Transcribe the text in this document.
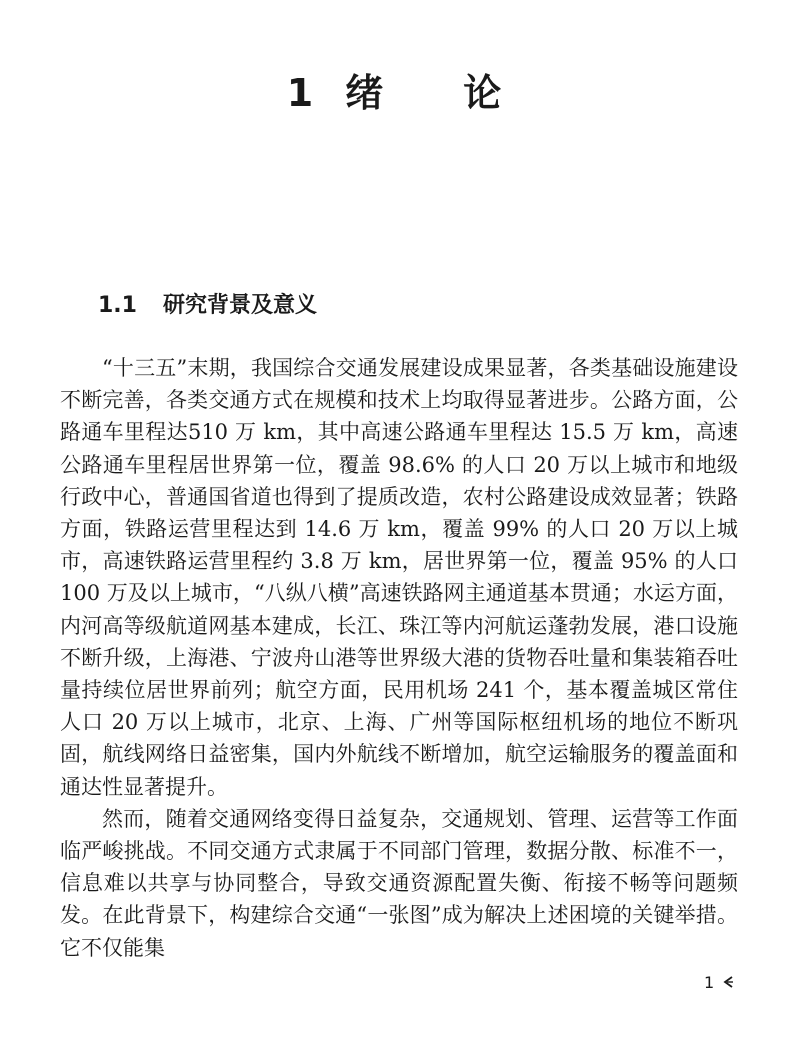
1 绪 论
1.1 研究背景及意义

“十三五”末期，我国综合交通发展建设成果显著，各类基础设施建设不断完善，各类交通方式在规模和技术上均取得显著进步。公路方面，公路通车里程达510 万 km，其中高速公路通车里程达 15.5 万 km，高速公路通车里程居世界第一位，覆盖 98.6% 的人口 20 万以上城市和地级行政中心，普通国省道也得到了提质改造，农村公路建设成效显著；铁路方面，铁路运营里程达到 14.6 万 km，覆盖 99% 的人口 20 万以上城市，高速铁路运营里程约 3.8 万 km，居世界第一位，覆盖 95% 的人口 100 万及以上城市，“八纵八横”高速铁路网主通道基本贯通；水运方面，内河高等级航道网基本建成，长江、珠江等内河航运蓬勃发展，港口设施不断升级，上海港、宁波舟山港等世界级大港的货物吞吐量和集装箱吞吐量持续位居世界前列；航空方面，民用机场 241 个，基本覆盖城区常住人口 20 万以上城市，北京、上海、广州等国际枢纽机场的地位不断巩固，航线网络日益密集，国内外航线不断增加，航空运输服务的覆盖面和通达性显著提升。

然而，随着交通网络变得日益复杂，交通规划、管理、运营等工作面临严峻挑战。不同交通方式隶属于不同部门管理，数据分散、标准不一，信息难以共享与协同整合，导致交通资源配置失衡、衔接不畅等问题频发。在此背景下，构建综合交通“一张图”成为解决上述困境的关键举措。它不仅能集

1
